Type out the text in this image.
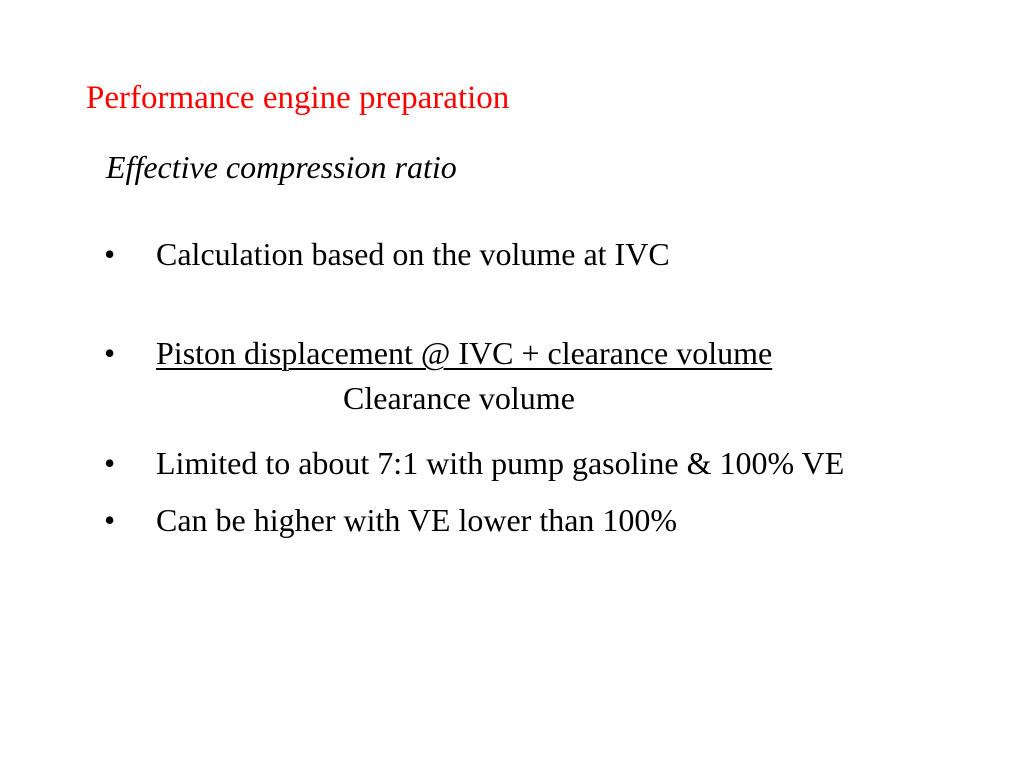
Performance engine preparation
Effective compression ratio
• Calculation based on the volume at IVC
• Piston displacement @ IVC + clearance volume
Clearance volume
• Limited to about 7:1 with pump gasoline & 100% VE
• Can be higher with VE lower than 100%
